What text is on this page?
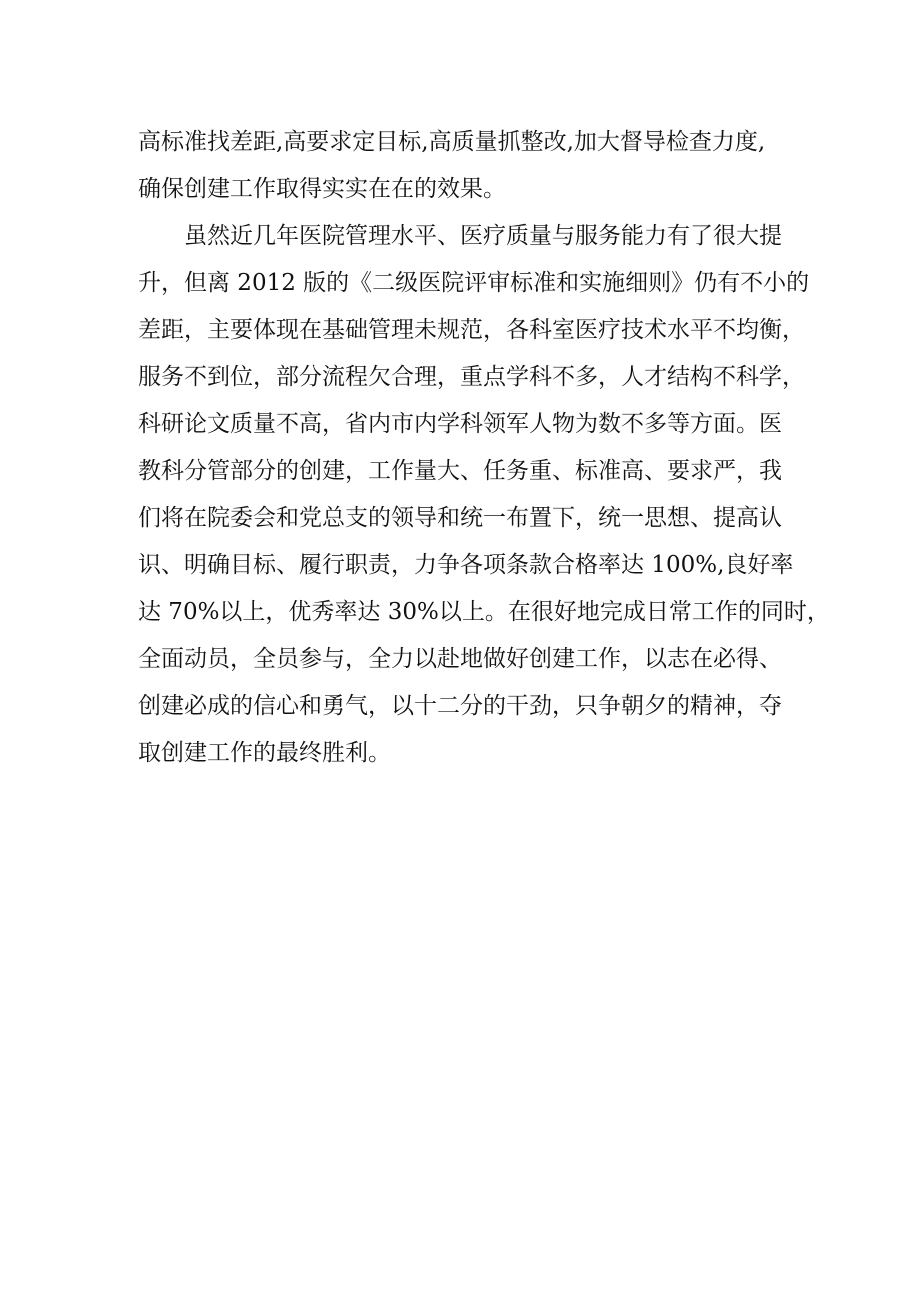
高标准找差距,高要求定目标,高质量抓整改,加大督导检查力度,
确保创建工作取得实实在在的效果。
虽然近几年医院管理水平、医疗质量与服务能力有了很大提
升，但离 2012 版的《二级医院评审标准和实施细则》仍有不小的
差距，主要体现在基础管理未规范，各科室医疗技术水平不均衡，
服务不到位，部分流程欠合理，重点学科不多，人才结构不科学，
科研论文质量不高，省内市内学科领军人物为数不多等方面。医
教科分管部分的创建，工作量大、任务重、标准高、要求严，我
们将在院委会和党总支的领导和统一布置下，统一思想、提高认
识、明确目标、履行职责，力争各项条款合格率达 100%,良好率
达 70%以上，优秀率达 30%以上。在很好地完成日常工作的同时，
全面动员，全员参与，全力以赴地做好创建工作，以志在必得、
创建必成的信心和勇气，以十二分的干劲，只争朝夕的精神，夺
取创建工作的最终胜利。
